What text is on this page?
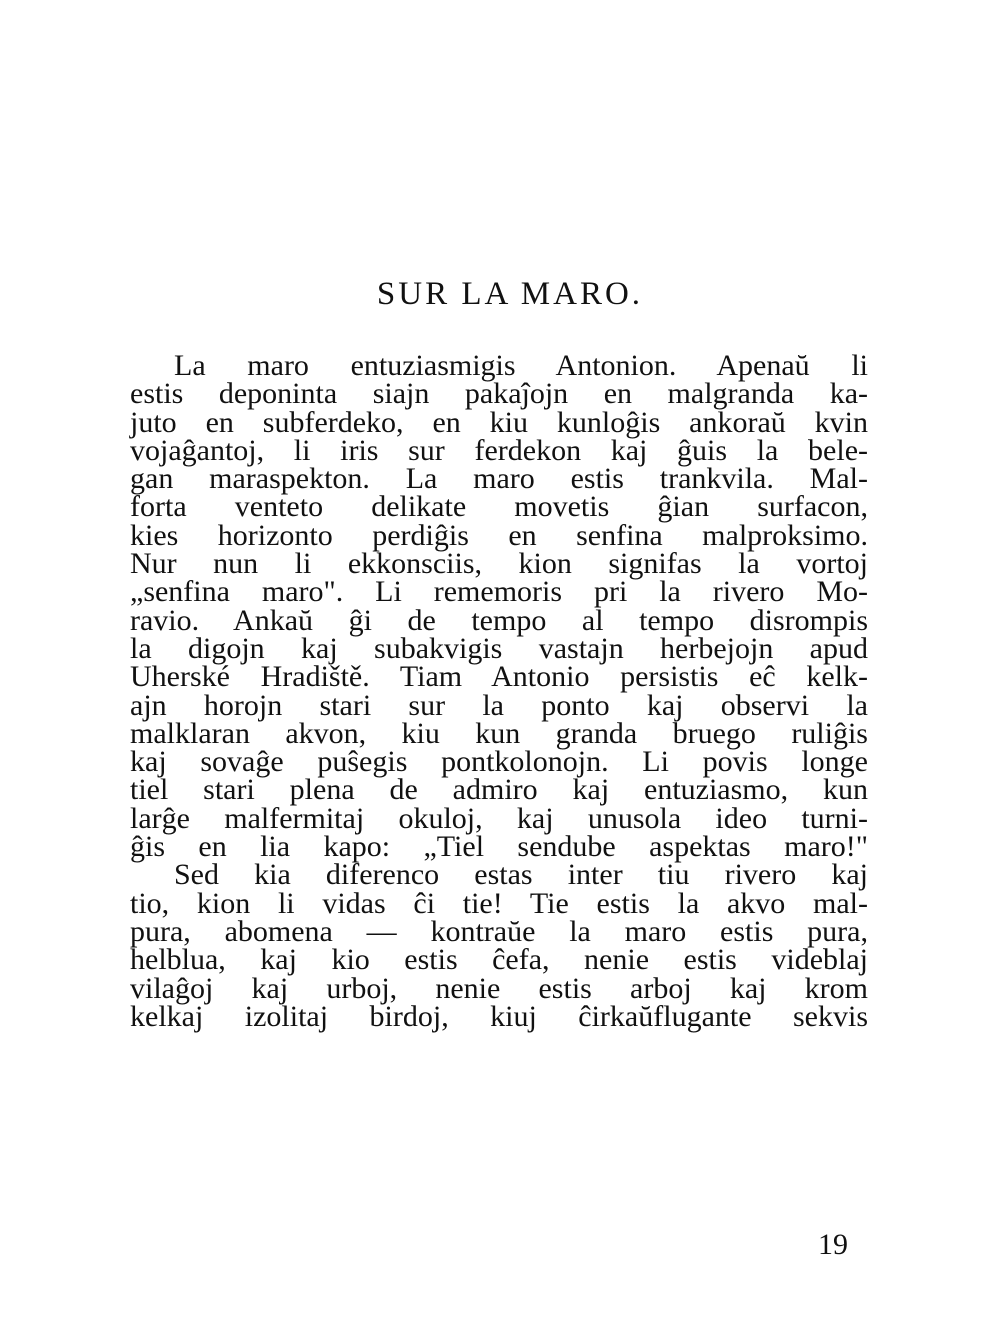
SUR LA MARO.
La maro entuziasmigis Antonion. Apenaŭ li
estis deponinta siajn pakaĵojn en malgranda ka-
juto en subferdeko, en kiu kunloĝis ankoraŭ kvin
vojaĝantoj, li iris sur ferdekon kaj ĝuis la bele-
gan maraspekton. La maro estis trankvila. Mal-
forta venteto delikate movetis ĝian surfacon,
kies horizonto perdiĝis en senfina malproksimo.
Nur nun li ekkonsciis, kion signifas la vortoj
„senfina maro". Li rememoris pri la rivero Mo-
ravio. Ankaŭ ĝi de tempo al tempo disrompis
la digojn kaj subakvigis vastajn herbejojn apud
Uherské Hradiště. Tiam Antonio persistis eĉ kelk-
ajn horojn stari sur la ponto kaj observi la
malklaran akvon, kiu kun granda bruego ruliĝis
kaj sovaĝe puŝegis pontkolonojn. Li povis longe
tiel stari plena de admiro kaj entuziasmo, kun
larĝe malfermitaj okuloj, kaj unusola ideo turni-
ĝis en lia kapo: „Tiel sendube aspektas maro!"
Sed kia diferenco estas inter tiu rivero kaj
tio, kion li vidas ĉi tie! Tie estis la akvo mal-
pura, abomena — kontraŭe la maro estis pura,
helblua, kaj kio estis ĉefa, nenie estis videblaj
vilaĝoj kaj urboj, nenie estis arboj kaj krom
kelkaj izolitaj birdoj, kiuj ĉirkaŭflugante sekvis
19
